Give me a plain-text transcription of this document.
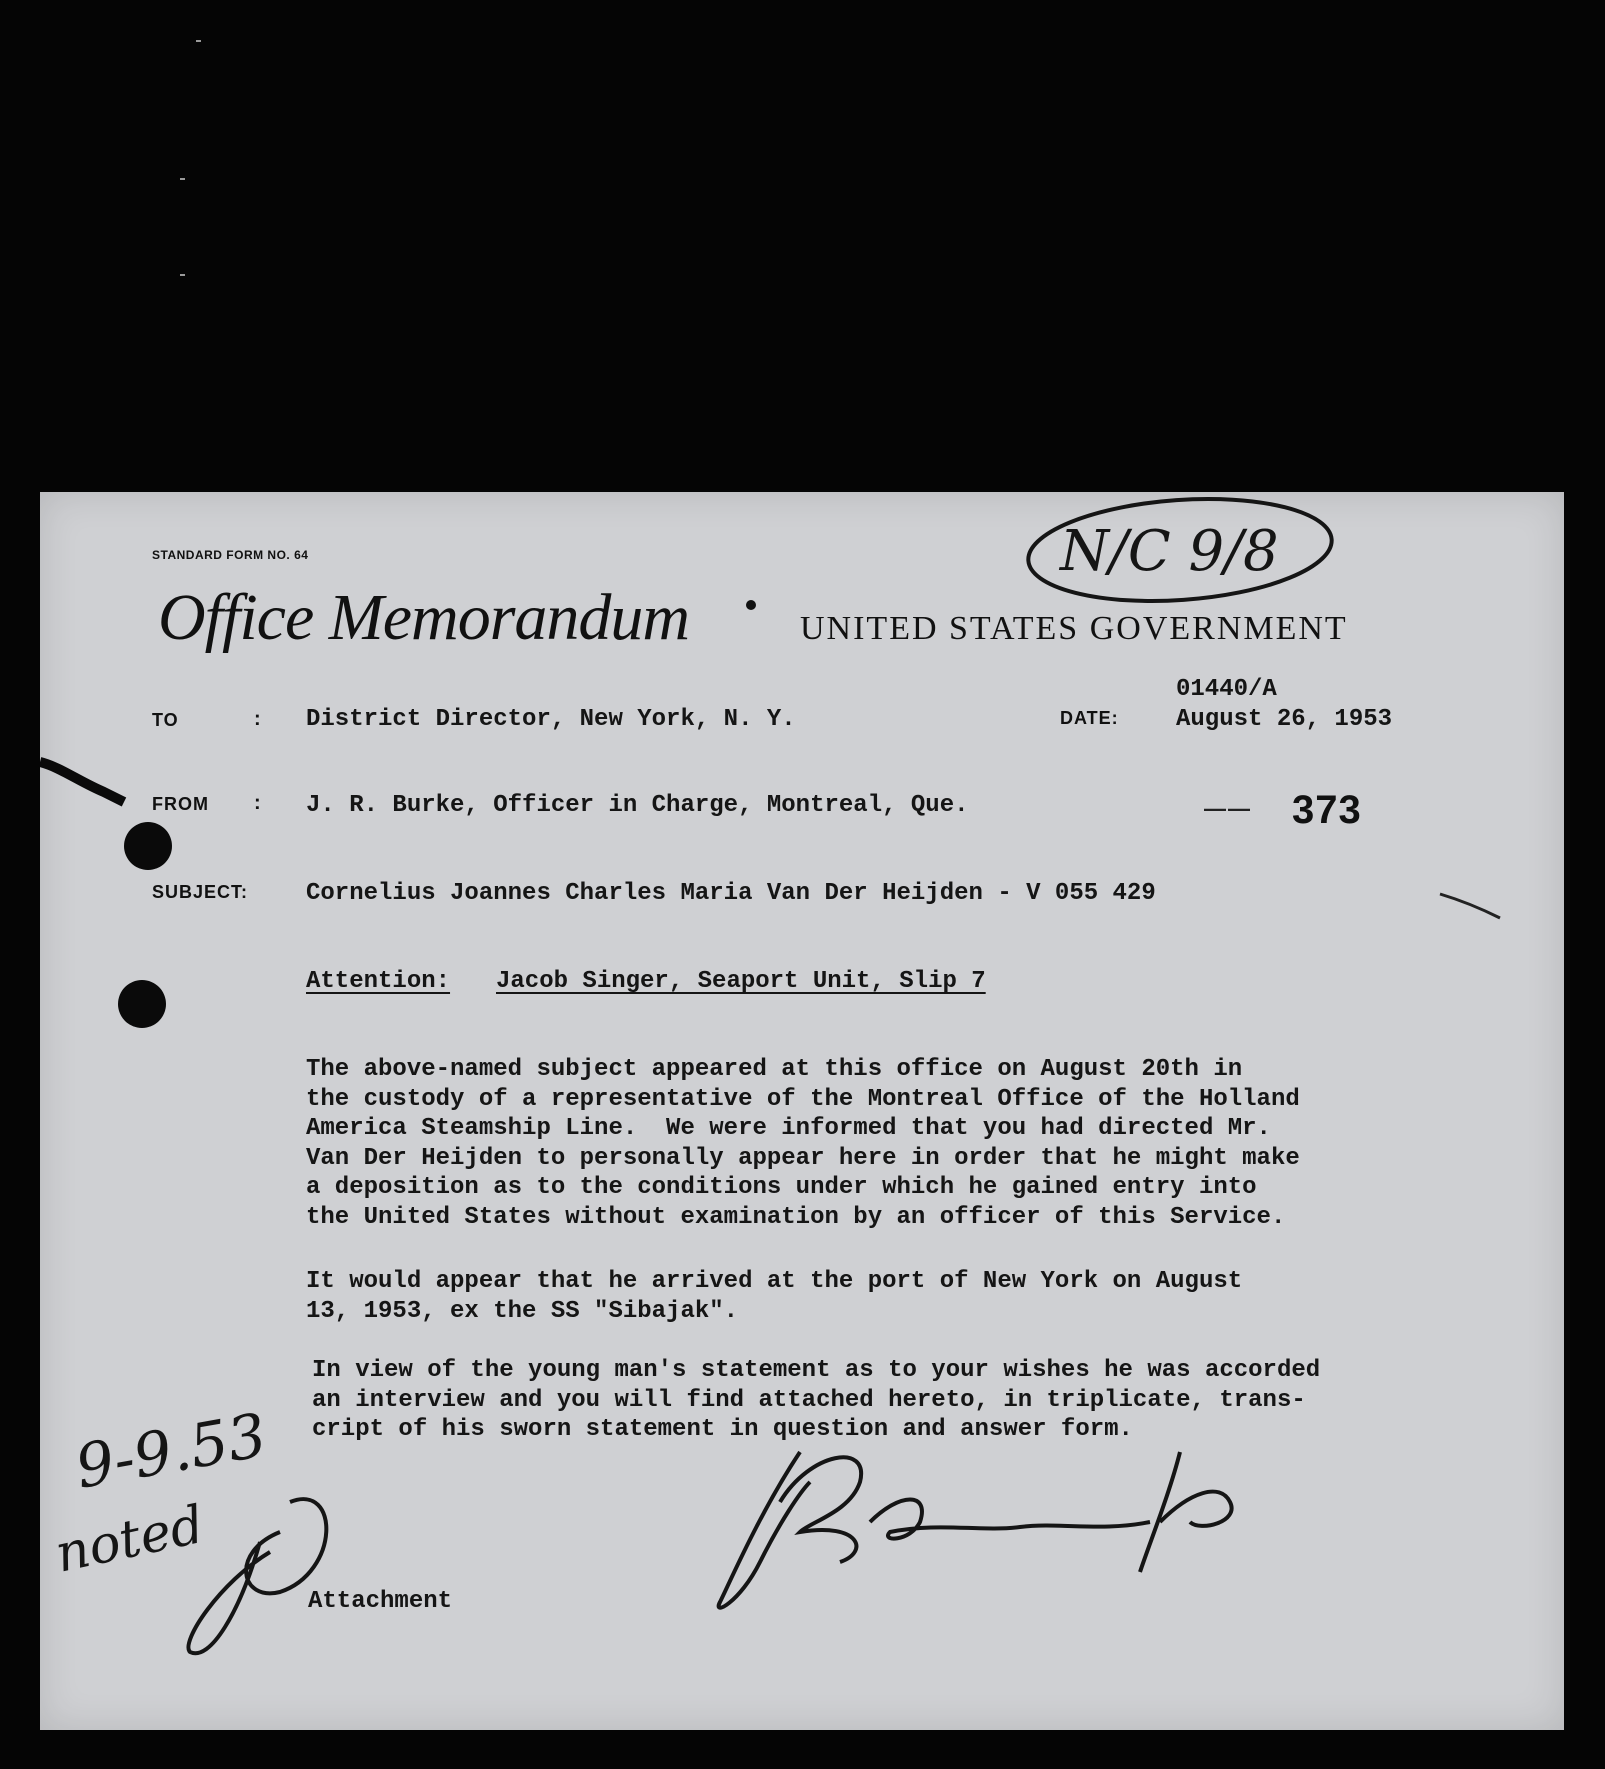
STANDARD FORM NO. 64
Office Memorandum	UNITED STATES GOVERNMENT
01440/A
TO	: District Director, New York, N. Y.	DATE: August 26, 1953
FROM : J. R. Burke, Officer in Charge, Montreal, Que.	—— 373
SUBJECT: Cornelius Joannes Charles Maria Van Der Heijden - V 055 429
Attention: Jacob Singer, Seaport Unit, Slip 7
The above-named subject appeared at this office on August 20th in
the custody of a representative of the Montreal Office of the Holland
America Steamship Line.  We were informed that you had directed Mr.
Van Der Heijden to personally appear here in order that he might make
a deposition as to the conditions under which he gained entry into
the United States without examination by an officer of this Service.
It would appear that he arrived at the port of New York on August
13, 1953, ex the SS "Sibajak".
In view of the young man's statement as to your wishes he was accorded
an interview and you will find attached hereto, in triplicate, trans-
cript of his sworn statement in question and answer form.
Attachment
N/C 9/8
9-9.53
noted
